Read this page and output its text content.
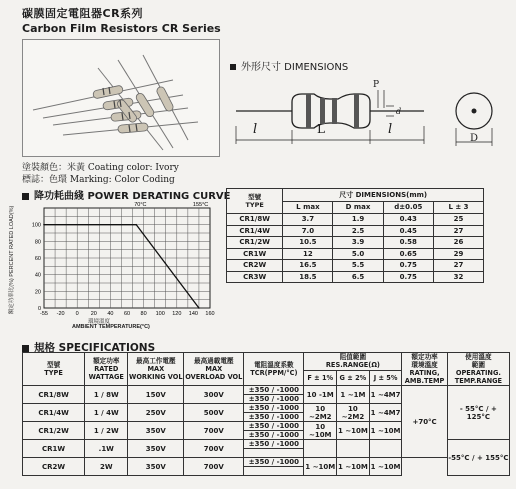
碳膜固定電阻器CR系列
Carbon Film Resistors CR Series
外形尺寸 DIMENSIONS
l	L	l
P
d
D
塗裝顏色：米黃 Coating color: Ivory
標誌：色環 Marking: Color Coding
降功耗曲綫 POWER DERATING CURVE
額定功率比(%) PERCENT RATED LOAD(%)	0
20
40
60
80
100
-55 -20 0 20 40 60 80 100 120 140 160
70°C	155°C
環境溫度
AMBIENT TEMPERATURE(°C)
型號
TYPE	尺寸 DIMENSIONS(mm)			
	L max	D max	d±0.05	L ± 3
CR1/8W	3.7	1.9	0.43	25
CR1/4W	7.0	2.5	0.45	27
CR1/2W	10.5	3.9	0.58	26
CR1W	12	5.0	0.65	29
CR2W	16.5	5.5	0.75	27
CR3W	18.5	6.5	0.75	32
規格 SPECIFICATIONS
型號
TYPE	額定功率
RATED
WATTAGE	最高工作電壓
MAX
WORKING VOL	最高過載電壓
MAX
OVERLOAD VOL	電阻溫度系數
TCR(PPM/°C)	阻值範圍
RES.RANGE(Ω)			額定功率
環境溫度
RATING,
AMB.TEMP	使用溫度
範圍
OPERATING.
TEMP.RANGE
					F ± 1%	G ± 2%	J ± 5%		
CR1/8W	1 / 8W	150V	300V	±350 / -1000	10 -1M	1 ~1M	1 ~4M7	+70°C	- 55°C / + 125°C
				±350 / -1000					
CR1/4W	1 / 4W	250V	500V	±350 / -1000	10 ~2M2	10 ~2M2	1 ~4M7		
				±350 / -1000					
CR1/2W	1 / 2W	350V	700V	±350 / -1000	10 ~10M	1 ~10M	1 ~10M		
				±350 / -1000					
CR1W	.1W	350V	700V	±350 / -1000					-55°C / + 155°C

CR2W	2W	350V	700V	±350 / -1000	1 ~10M	1 ~10M	1 ~10M		
